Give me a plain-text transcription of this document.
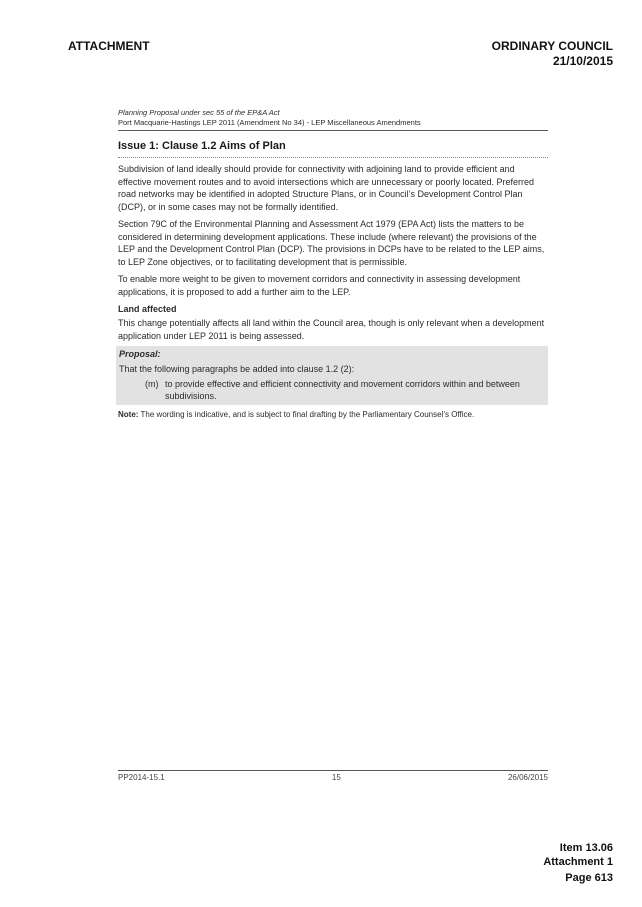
ATTACHMENT	ORDINARY COUNCIL
21/10/2015
Planning Proposal under sec 55 of the EP&A Act
Port Macquarie-Hastings LEP 2011 (Amendment No 34) - LEP Miscellaneous Amendments
Issue 1: Clause 1.2 Aims of Plan
Subdivision of land ideally should provide for connectivity with adjoining land to provide efficient and effective movement routes and to avoid intersections which are unnecessary or poorly located. Preferred road networks may be identified in adopted Structure Plans, or in Council’s Development Control Plan (DCP), or in some cases may not be formally identified.
Section 79C of the Environmental Planning and Assessment Act 1979 (EPA Act) lists the matters to be considered in determining development applications. These include (where relevant) the provisions of the LEP and the Development Control Plan (DCP). The provisions in DCPs have to be related to the LEP aims, to LEP Zone objectives, or to facilitating development that is permissible.
To enable more weight to be given to movement corridors and connectivity in assessing development applications, it is proposed to add a further aim to the LEP.
Land affected
This change potentially affects all land within the Council area, though is only relevant when a development application under LEP 2011 is being assessed.
Proposal:
That the following paragraphs be added into clause 1.2 (2):
(m) to provide effective and efficient connectivity and movement corridors within and between subdivisions.
Note: The wording is indicative, and is subject to final drafting by the Parliamentary Counsel’s Office.
PP2014-15.1	15	26/06/2015
Item 13.06
Attachment 1
Page 613
